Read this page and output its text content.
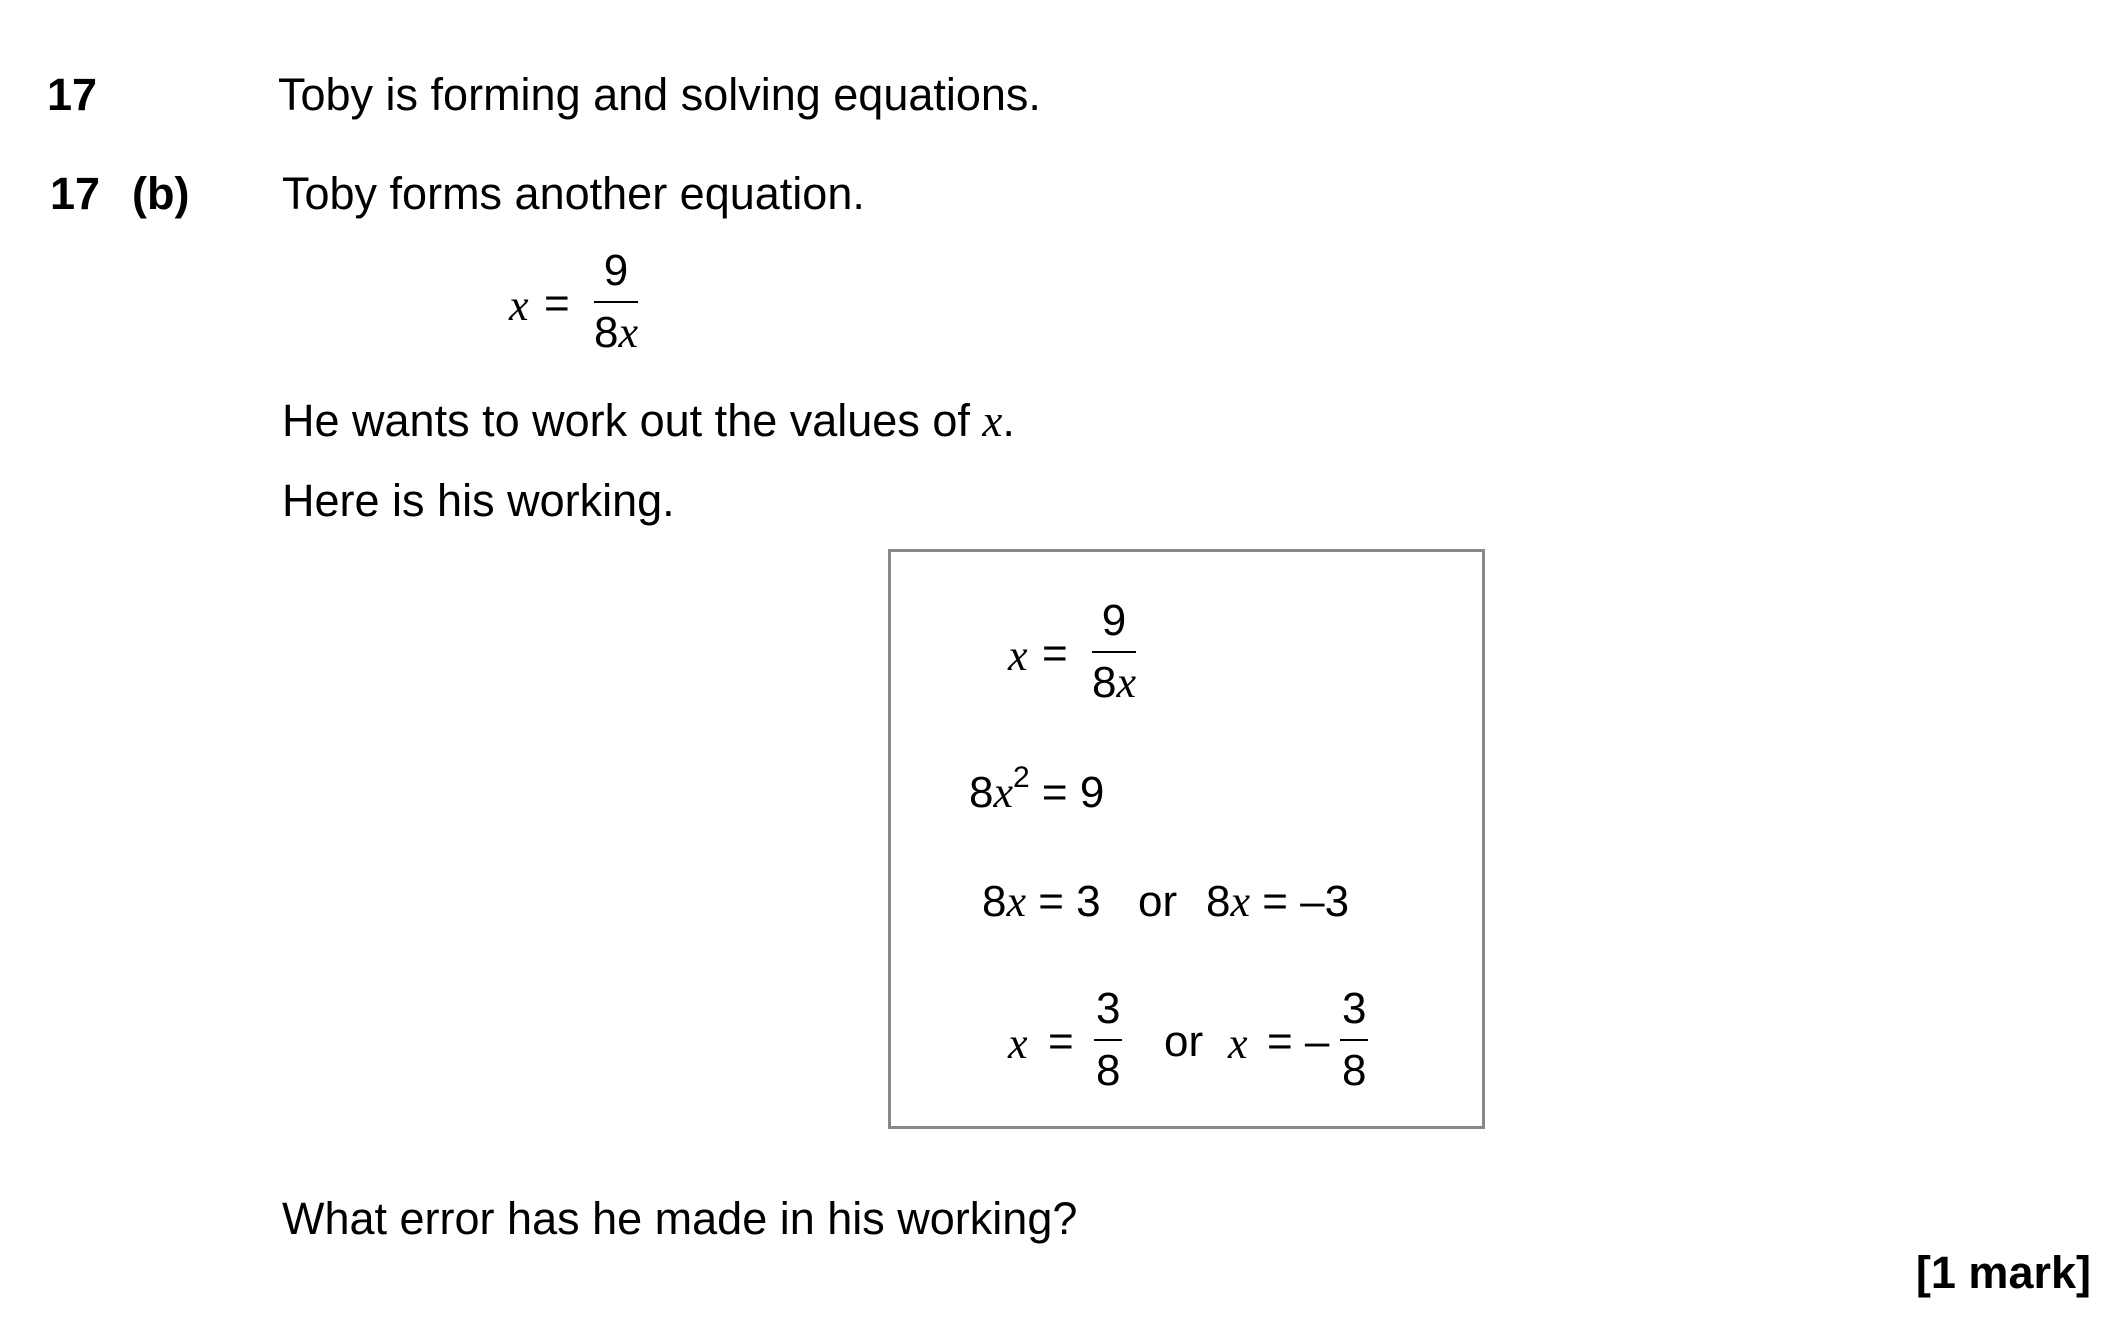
17	Toby is forming and solving equations.
17 (b) Toby forms another equation.
x =
9
8x
He wants to work out the values of x.
Here is his working.
x =
9
8x
$8x^2 = 9$
8x = 3 or 8x = –3
x =
3
8
or x = –
3
8
What error has he made in his working?
[1 mark]
